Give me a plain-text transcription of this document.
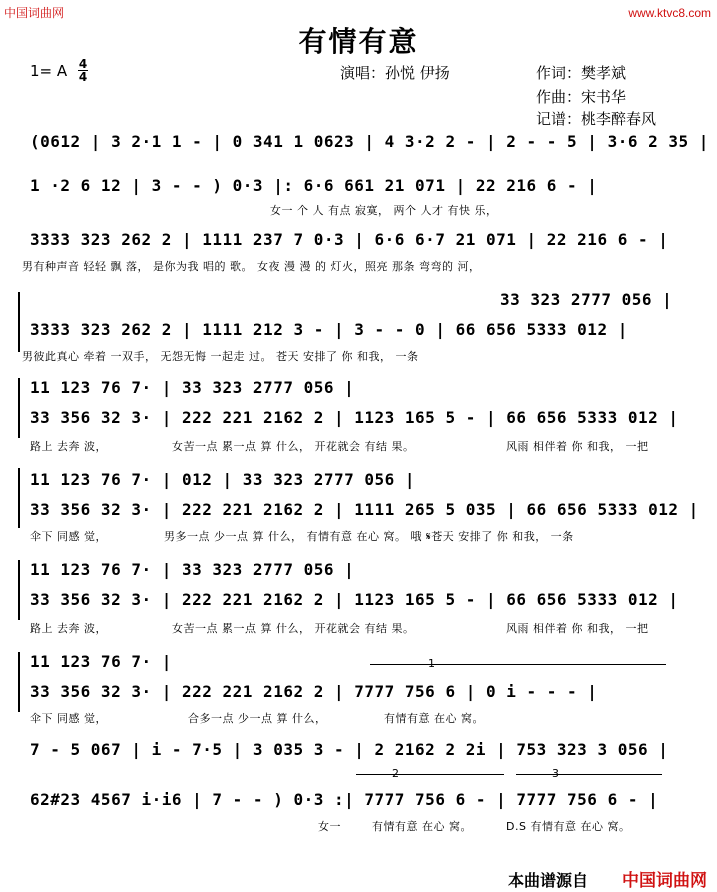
中国词曲网	www.ktvc8.com
有情有意
1= A 4
4	演唱：孙悦 伊扬	作词：樊孝斌
作曲：宋书华
记谱：桃李醉春风
(0612 | 3 2·1 1 - | 0 341 1 0623 | 4 3·2 2 - | 2 - - 5 | 3·6 2 35 |
1 ·2 6 12 | 3 - - ) 0·3 |: 6·6 661 21 071 | 22 216 6 - |
女一 个 人 有点 寂寞， 两个 人才 有快 乐，
3333 323 262 2 | 1111 237 7 0·3 | 6·6 6·7 21 071 | 22 216 6 - |
男有种声音 轻轻 飘 落， 是你为我 唱的 歌。 女夜 漫 漫 的 灯火，照亮 那条 弯弯的 河，
33 323 2777 056 |
3333 323 262 2 | 1111 212 3 - | 3 - - 0 | 66 656 5333 012 |
男彼此真心 牵着 一双手， 无怨无悔 一起走 过。 苍天 安排了 你 和我， 一条
11 123 76 7· | 33 323 2777 056 |
33 356 32 3· | 222 221 2162 2 | 1123 165 5 - | 66 656 5333 012 |
路上 去奔 波，	女苦一点 累一点 算 什么， 开花就会 有结 果。	风雨 相伴着 你 和我， 一把
11 123 76 7· | 012 | 33 323 2777 056 |
33 356 32 3· | 222 221 2162 2 | 1111 265 5 035 | 66 656 5333 012 |
伞下 同感 觉，	男多一点 少一点 算 什么， 有情有意 在心 窝。 哦 𝄋苍天 安排了 你 和我， 一条
11 123 76 7· | 33 323 2777 056 |
33 356 32 3· | 222 221 2162 2 | 1123 165 5 - | 66 656 5333 012 |
路上 去奔 波，	女苦一点 累一点 算 什么， 开花就会 有结 果。	风雨 相伴着 你 和我， 一把
1
11 123 76 7· |
33 356 32 3· | 222 221 2162 2 | 7777 756 6 | 0 i - - - |
伞下 同感 觉，	合多一点 少一点 算 什么，	有情有意 在心 窝。
7 - 5 067 | i - 7·5 | 3 035 3 - | 2 2162 2 2i | 753 323 3 056 |
2	3
62#23 4567 i·i6 | 7 - - ) 0·3 :| 7777 756 6 - | 7777 756 6 - |
女一	有情有意 在心 窝。	D.S 有情有意 在心 窝。
本曲谱源自 中国词曲网
